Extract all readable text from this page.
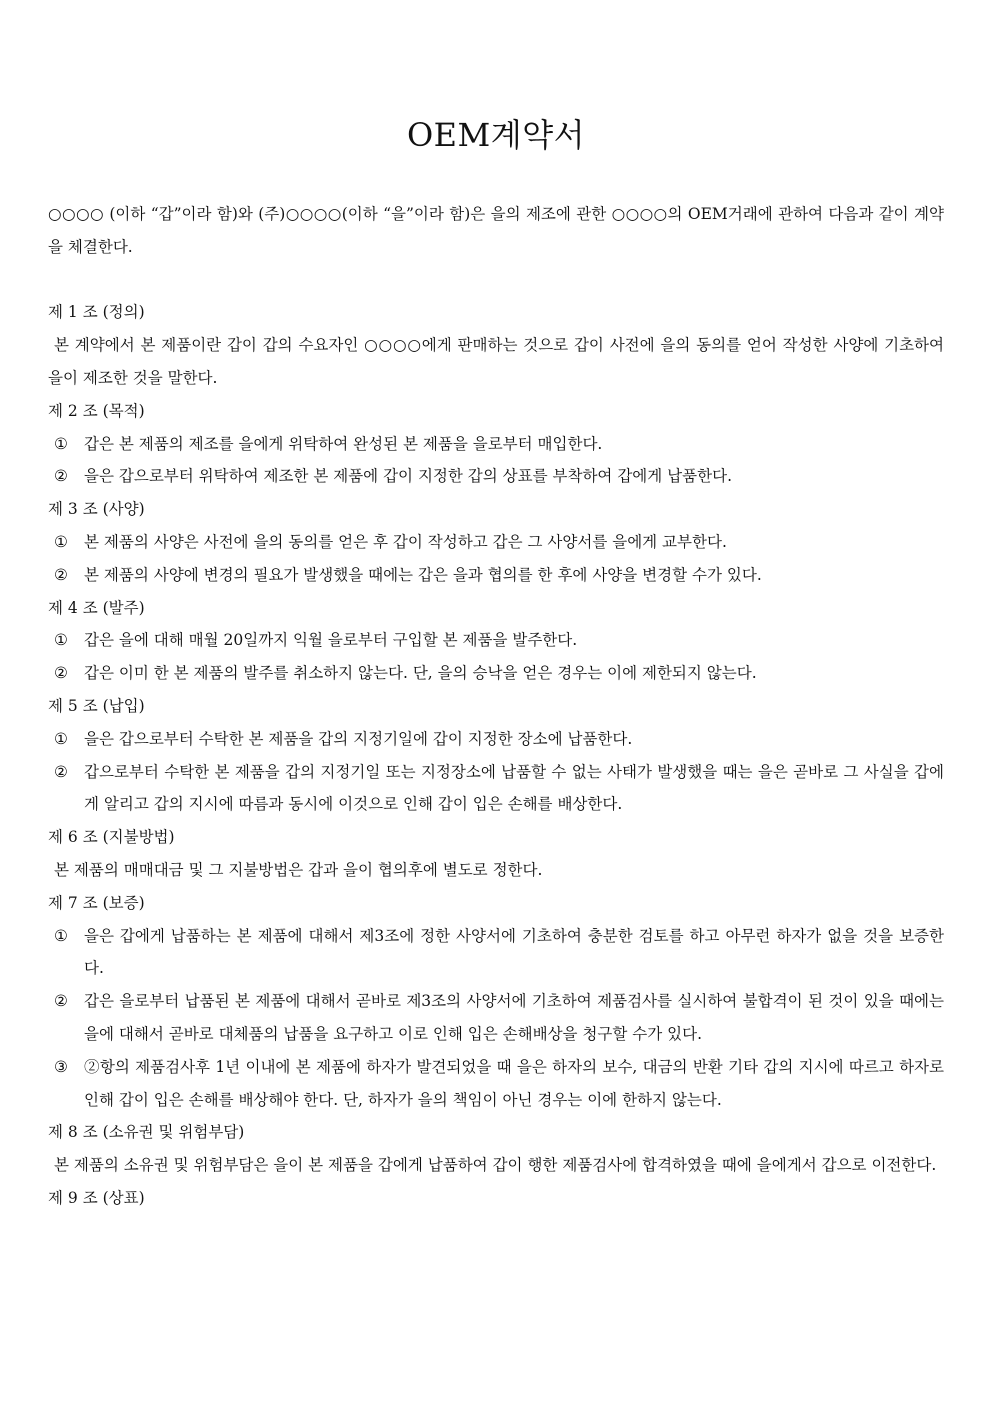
OEM계약서

○○○○ (이하 “갑”이라 함)와 (주)○○○○(이하 “을”이라 함)은 을의 제조에 관한 ○○○○의 OEM거래에 관하여 다음과 같이 계약을 체결한다.

제 1 조 (정의)

본 계약에서 본 제품이란 갑이 갑의 수요자인 ○○○○에게 판매하는 것으로 갑이 사전에 을의 동의를 얻어 작성한 사양에 기초하여 을이 제조한 것을 말한다.

제 2 조 (목적)

①	갑은 본 제품의 제조를 을에게 위탁하여 완성된 본 제품을 을로부터 매입한다.

②	을은 갑으로부터 위탁하여 제조한 본 제품에 갑이 지정한 갑의 상표를 부착하여 갑에게 납품한다.

제 3 조 (사양)

①	본 제품의 사양은 사전에 을의 동의를 얻은 후 갑이 작성하고 갑은 그 사양서를 을에게 교부한다.

②	본 제품의 사양에 변경의 필요가 발생했을 때에는 갑은 을과 협의를 한 후에 사양을 변경할 수가 있다.

제 4 조 (발주)

①	갑은 을에 대해 매월 20일까지 익월 을로부터 구입할 본 제품을 발주한다.

②	갑은 이미 한 본 제품의 발주를 취소하지 않는다. 단, 을의 승낙을 얻은 경우는 이에 제한되지 않는다.

제 5 조 (납입)

①	을은 갑으로부터 수탁한 본 제품을 갑의 지정기일에 갑이 지정한 장소에 납품한다.

②	갑으로부터 수탁한 본 제품을 갑의 지정기일 또는 지정장소에 납품할 수 없는 사태가 발생했을 때는 을은 곧바로 그 사실을 갑에게 알리고 갑의 지시에 따름과 동시에 이것으로 인해 갑이 입은 손해를 배상한다.

제 6 조 (지불방법)

본 제품의 매매대금 및 그 지불방법은 갑과 을이 협의후에 별도로 정한다.

제 7 조 (보증)

①	을은 갑에게 납품하는 본 제품에 대해서 제3조에 정한 사양서에 기초하여 충분한 검토를 하고 아무런 하자가 없을 것을 보증한다.

②	갑은 을로부터 납품된 본 제품에 대해서 곧바로 제3조의 사양서에 기초하여 제품검사를 실시하여 불합격이 된 것이 있을 때에는 을에 대해서 곧바로 대체품의 납품을 요구하고 이로 인해 입은 손해배상을 청구할 수가 있다.

③	②항의 제품검사후 1년 이내에 본 제품에 하자가 발견되었을 때 을은 하자의 보수, 대금의 반환 기타 갑의 지시에 따르고 하자로 인해 갑이 입은 손해를 배상해야 한다. 단, 하자가 을의 책임이 아닌 경우는 이에 한하지 않는다.

제 8 조 (소유권 및 위험부담)

본 제품의 소유권 및 위험부담은 을이 본 제품을 갑에게 납품하여 갑이 행한 제품검사에 합격하였을 때에 을에게서 갑으로 이전한다.

제 9 조 (상표)
